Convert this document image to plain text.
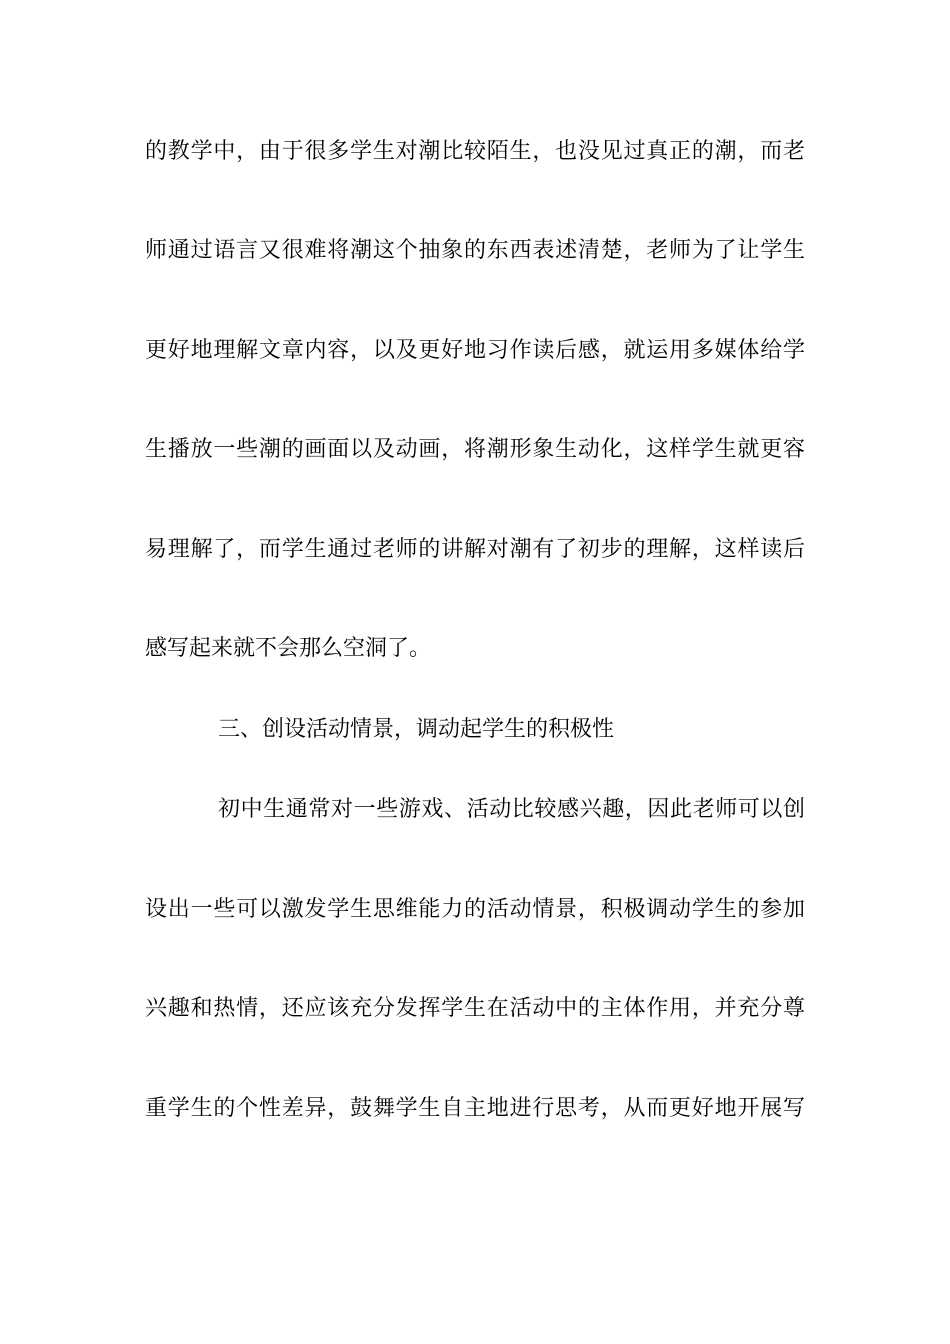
的教学中，由于很多学生对潮比较陌生，也没见过真正的潮，而老
师通过语言又很难将潮这个抽象的东西表述清楚，老师为了让学生
更好地理解文章内容，以及更好地习作读后感，就运用多媒体给学
生播放一些潮的画面以及动画，将潮形象生动化，这样学生就更容
易理解了，而学生通过老师的讲解对潮有了初步的理解，这样读后
感写起来就不会那么空洞了。
三、创设活动情景，调动起学生的积极性
初中生通常对一些游戏、活动比较感兴趣，因此老师可以创
设出一些可以激发学生思维能力的活动情景，积极调动学生的参加
兴趣和热情，还应该充分发挥学生在活动中的主体作用，并充分尊
重学生的个性差异，鼓舞学生自主地进行思考，从而更好地开展写
